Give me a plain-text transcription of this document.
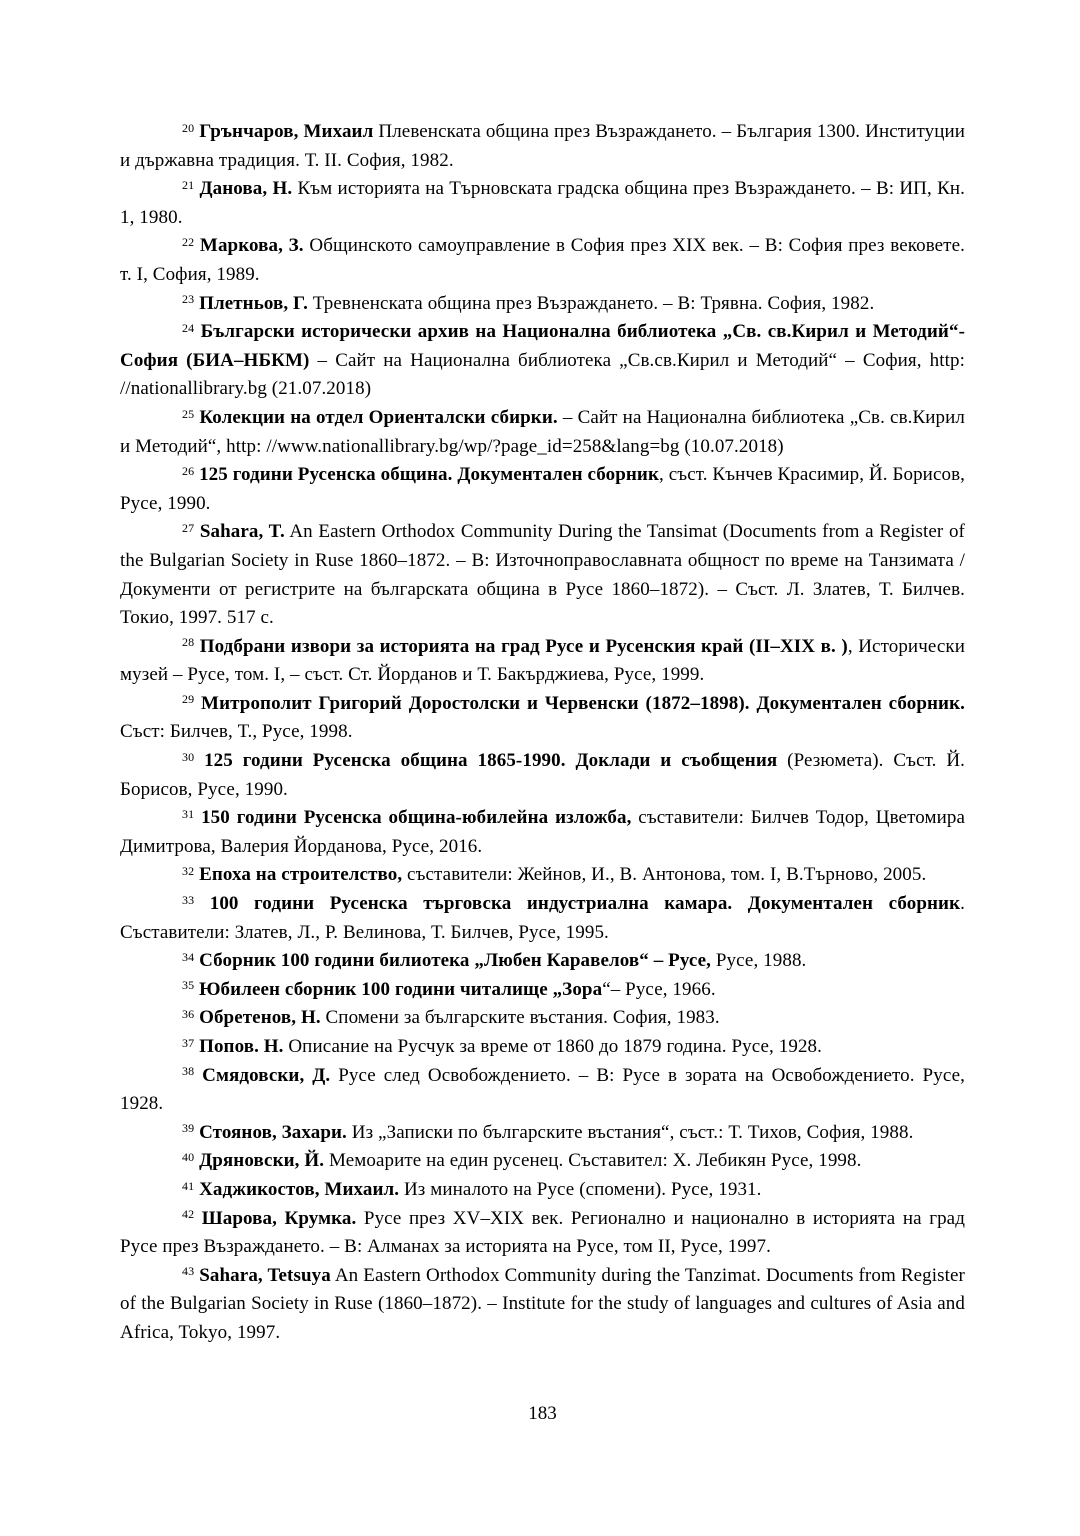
$^{20}$ Грънчаров, Михаил Плевенската община през Възраждането. – България 1300. Институции и държавна традиция. Т. II. София, 1982.

$^{21}$ Данова, Н. Към историята на Търновската градска община през Възраждането. – В: ИП, Кн. 1, 1980.

$^{22}$ Маркова, З. Общинското самоуправление в София през XIX век. – В: София през вековете. т. I, София, 1989.

$^{23}$ Плетньов, Г. Тревненската община през Възраждането. – В: Трявна. София, 1982.

$^{24}$ Български исторически архив на Национална библиотека „Св. св.Кирил и Методий“-София (БИА–НБКМ) – Сайт на Национална библиотека „Св.св.Кирил и Методий“ – София, http: //nationallibrary.bg (21.07.2018)

$^{25}$ Колекции на отдел Ориенталски сбирки. – Сайт на Национална библиотека „Св. св.Кирил и Методий“, http: //www.nationallibrary.bg/wp/?page_id=258&lang=bg (10.07.2018)

$^{26}$ 125 години Русенска община. Документален сборник, съст. Кънчев Красимир, Й. Борисов, Русе, 1990.

$^{27}$ Sahara, T. An Eastern Orthodox Community During the Tansimat (Documents from a Register of the Bulgarian Society in Ruse 1860–1872. – В: Източноправославната общност по време на Танзимата / Документи от регистрите на българската община в Русе 1860–1872). – Съст. Л. Златев, Т. Билчев. Токио, 1997. 517 с.

$^{28}$ Подбрани извори за историята на град Русе и Русенския край (II–XIX в. ), Исторически музей – Русе, том. I, – съст. Ст. Йорданов и Т. Бакърджиева, Русе, 1999.

$^{29}$ Митрополит Григорий Доростолски и Червенски (1872–1898). Документален сборник. Съст: Билчев, Т., Русе, 1998.

$^{30}$ 125 години Русенска община 1865-1990. Доклади и съобщения (Резюмета). Съст. Й. Борисов, Русе, 1990.

$^{31}$ 150 години Русенска община-юбилейна изложба, съставители: Билчев Тодор, Цветомира Димитрова, Валерия Йорданова, Русе, 2016.

$^{32}$ Епоха на строителство, съставители: Жейнов, И., В. Антонова, том. I, В.Търново, 2005.

$^{33}$ 100 години Русенска търговска индустриална камара. Документален сборник. Съставители: Златев, Л., Р. Велинова, Т. Билчев, Русе, 1995.

$^{34}$ Сборник 100 години билиотека „Любен Каравелов“ – Русе, Русе, 1988.

$^{35}$ Юбилеен сборник 100 години читалище „Зора“– Русе, 1966.

$^{36}$ Обретенов, Н. Спомени за българските въстания. София, 1983.

$^{37}$ Попов. Н. Описание на Русчук за време от 1860 до 1879 година. Русе, 1928.

$^{38}$ Смядовски, Д. Русе след Освобождението. – В: Русе в зората на Освобождението. Русе, 1928.

$^{39}$ Стоянов, Захари. Из „Записки по българските въстания“, съст.: Т. Тихов, София, 1988.

$^{40}$ Дряновски, Й. Мемоарите на един русенец. Съставител: Х. Лебикян Русе, 1998.

$^{41}$ Хаджикостов, Михаил. Из миналото на Русе (спомени). Русе, 1931.

$^{42}$ Шарова, Крумка. Русе през XV–XIX век. Регионално и национално в историята на град Русе през Възраждането. – В: Алманах за историята на Русе, том II, Русе, 1997.

$^{43}$ Sahara, Tetsuya An Eastern Orthodox Community during the Tanzimat. Documents from Register of the Bulgarian Society in Ruse (1860–1872). – Institute for the study of languages and cultures of Asia and Africa, Tokyo, 1997.

183
